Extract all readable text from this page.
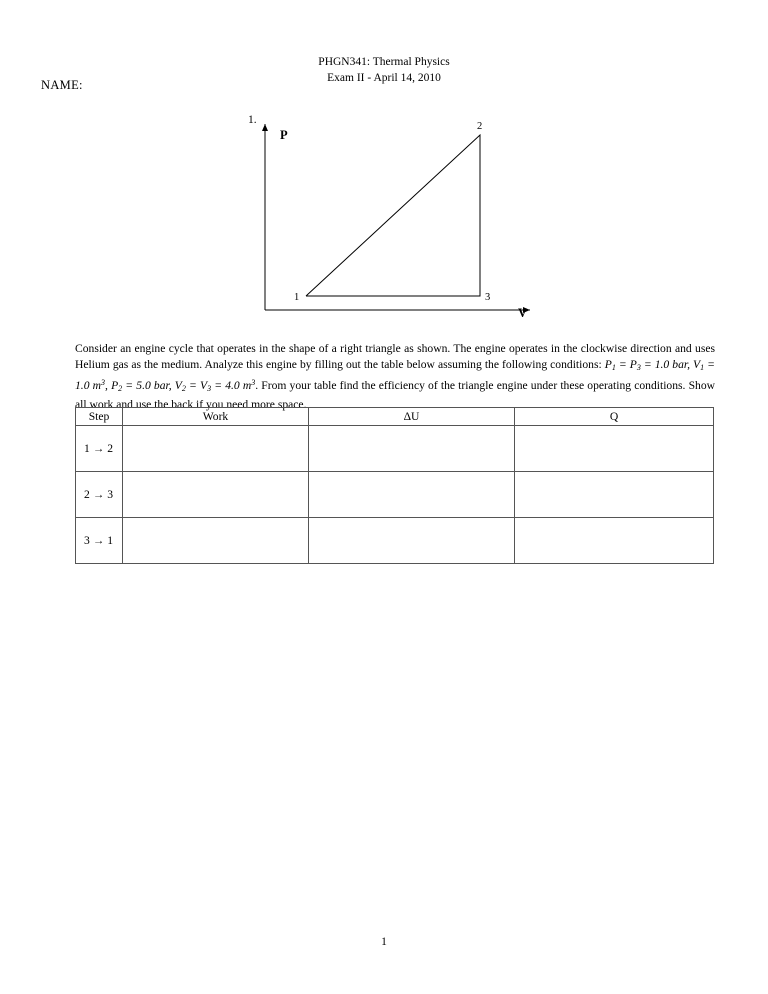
PHGN341: Thermal Physics
Exam II - April 14, 2010
NAME:
1.
P
V
1
2
3
Consider an engine cycle that operates in the shape of a right triangle as shown. The engine operates in the clockwise direction and uses Helium gas as the medium. Analyze this engine by filling out the table below assuming the following conditions: $P_1 = P_3 = 1.0$ bar, $V_1 = 1.0$ $m^3$, $P_2 = 5.0$ bar, $V_2 = V_3 = 4.0$ $m^3$. From your table find the efficiency of the triangle engine under these operating conditions. Show all work and use the back if you need more space.
Step	Work	ΔU	Q
1 → 2			
2 → 3			
3 → 1			
1
